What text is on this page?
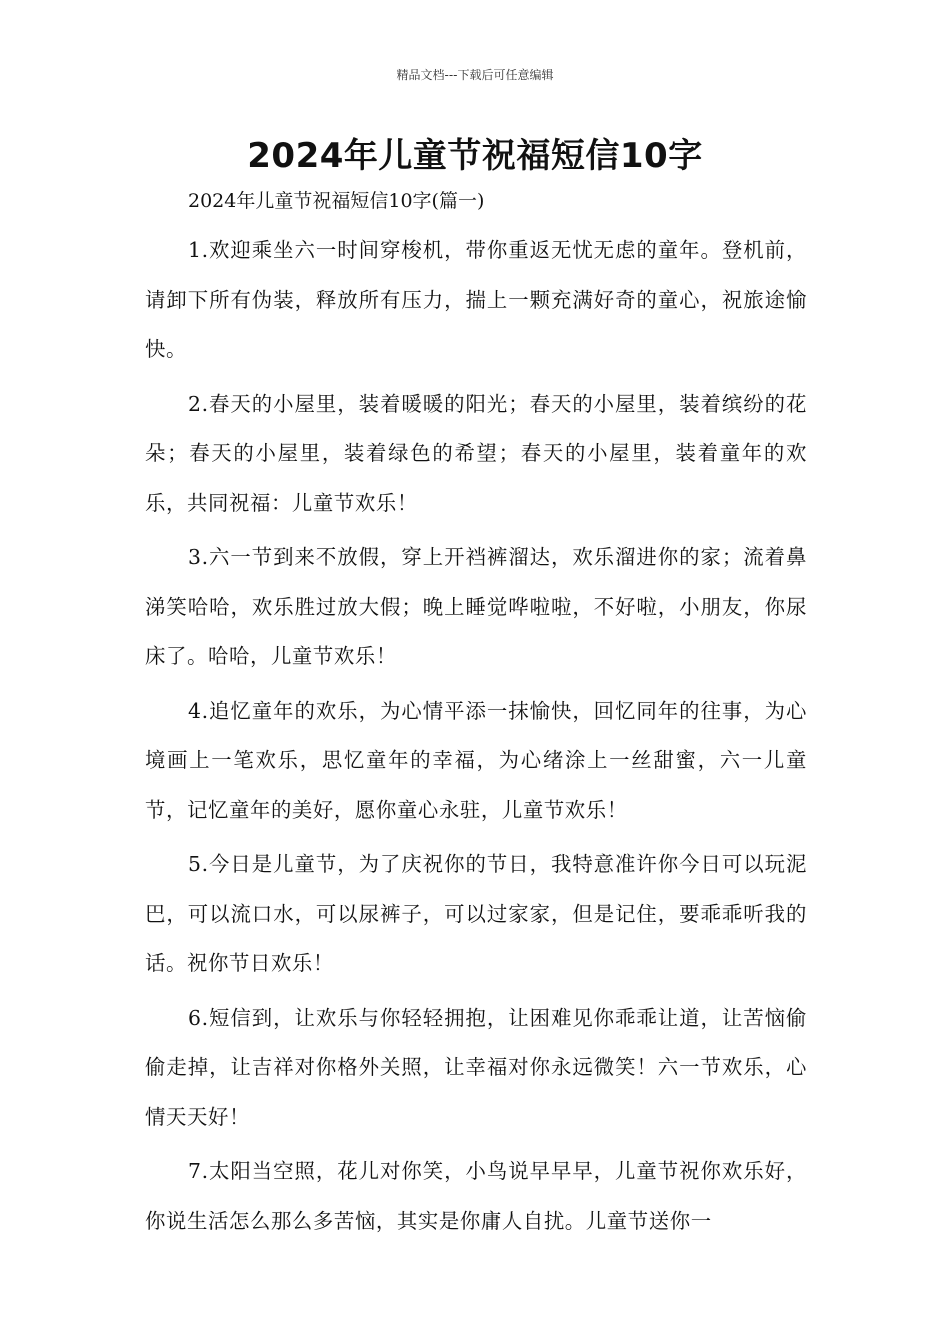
精品文档---下载后可任意编辑
2024年儿童节祝福短信10字

2024年儿童节祝福短信10字(篇一)

1.欢迎乘坐六一时间穿梭机，带你重返无忧无虑的童年。登机前，请卸下所有伪装，释放所有压力，揣上一颗充满好奇的童心，祝旅途愉快。

2.春天的小屋里，装着暖暖的阳光；春天的小屋里，装着缤纷的花朵；春天的小屋里，装着绿色的希望；春天的小屋里，装着童年的欢乐，共同祝福：儿童节欢乐！

3.六一节到来不放假，穿上开裆裤溜达，欢乐溜进你的家；流着鼻涕笑哈哈，欢乐胜过放大假；晚上睡觉哗啦啦，不好啦，小朋友，你尿床了。哈哈，儿童节欢乐！

4.追忆童年的欢乐，为心情平添一抹愉快，回忆同年的往事，为心境画上一笔欢乐，思忆童年的幸福，为心绪涂上一丝甜蜜，六一儿童节，记忆童年的美好，愿你童心永驻，儿童节欢乐！

5.今日是儿童节，为了庆祝你的节日，我特意准许你今日可以玩泥巴，可以流口水，可以尿裤子，可以过家家，但是记住，要乖乖听我的话。祝你节日欢乐！

6.短信到，让欢乐与你轻轻拥抱，让困难见你乖乖让道，让苦恼偷偷走掉，让吉祥对你格外关照，让幸福对你永远微笑！六一节欢乐，心情天天好！

7.太阳当空照，花儿对你笑，小鸟说早早早，儿童节祝你欢乐好，你说生活怎么那么多苦恼，其实是你庸人自扰。儿童节送你一
